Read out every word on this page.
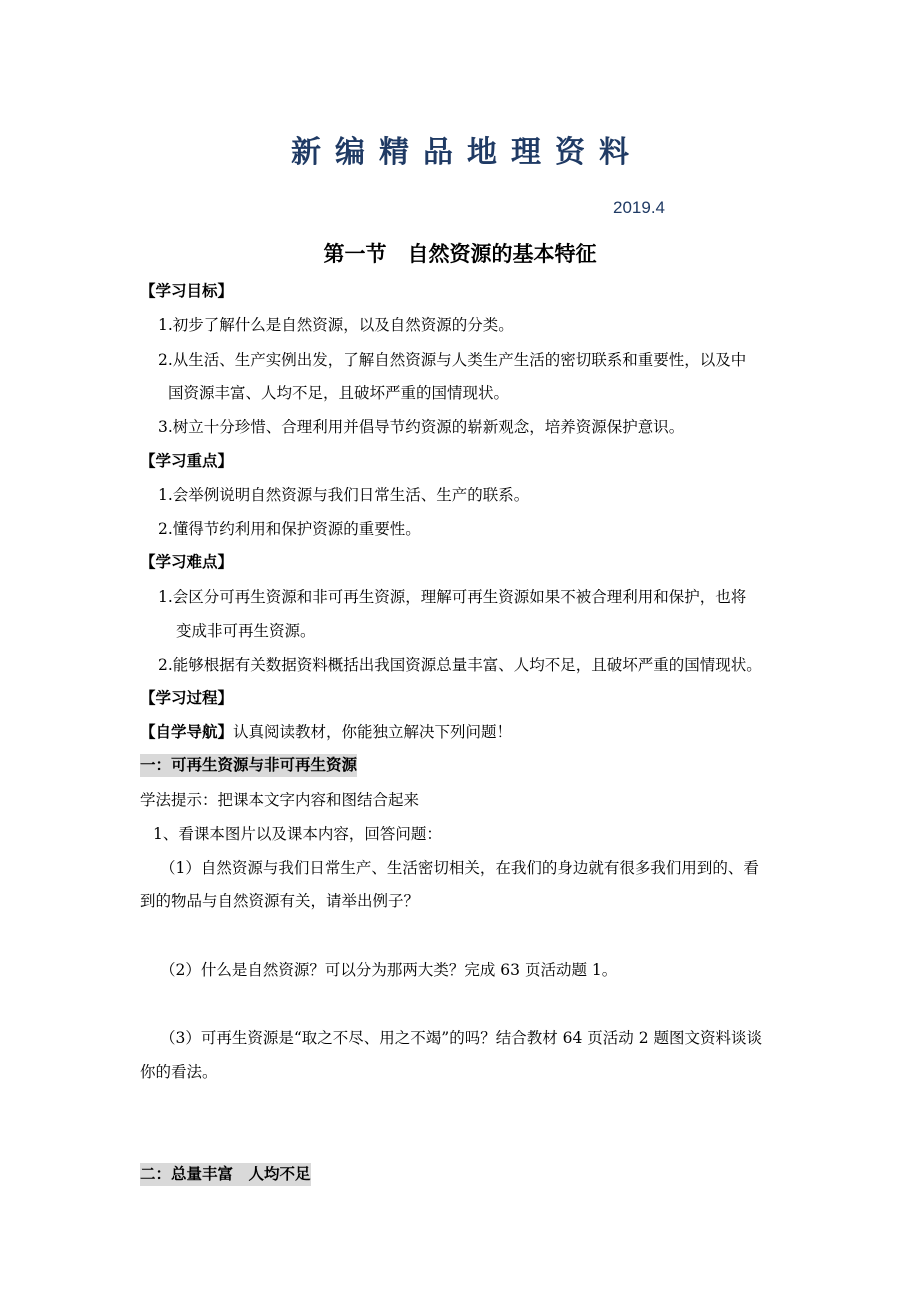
新编精品地理资料
2019.4
第一节　自然资源的基本特征
【学习目标】
1.初步了解什么是自然资源，以及自然资源的分类。
2.从生活、生产实例出发，了解自然资源与人类生产生活的密切联系和重要性，以及中
国资源丰富、人均不足，且破坏严重的国情现状。
3.树立十分珍惜、合理利用并倡导节约资源的崭新观念，培养资源保护意识。
【学习重点】
1.会举例说明自然资源与我们日常生活、生产的联系。
2.懂得节约利用和保护资源的重要性。
【学习难点】
1.会区分可再生资源和非可再生资源，理解可再生资源如果不被合理利用和保护，也将
变成非可再生资源。
2.能够根据有关数据资料概括出我国资源总量丰富、人均不足，且破坏严重的国情现状。
【学习过程】
【自学导航】认真阅读教材，你能独立解决下列问题！
一：可再生资源与非可再生资源
学法提示：把课本文字内容和图结合起来
1、看课本图片以及课本内容，回答问题：
（1）自然资源与我们日常生产、生活密切相关，在我们的身边就有很多我们用到的、看
到的物品与自然资源有关，请举出例子？
（2）什么是自然资源？可以分为那两大类？完成 63 页活动题 1。
（3）可再生资源是“取之不尽、用之不竭”的吗？结合教材 64 页活动 2 题图文资料谈谈
你的看法。
二：总量丰富　人均不足
